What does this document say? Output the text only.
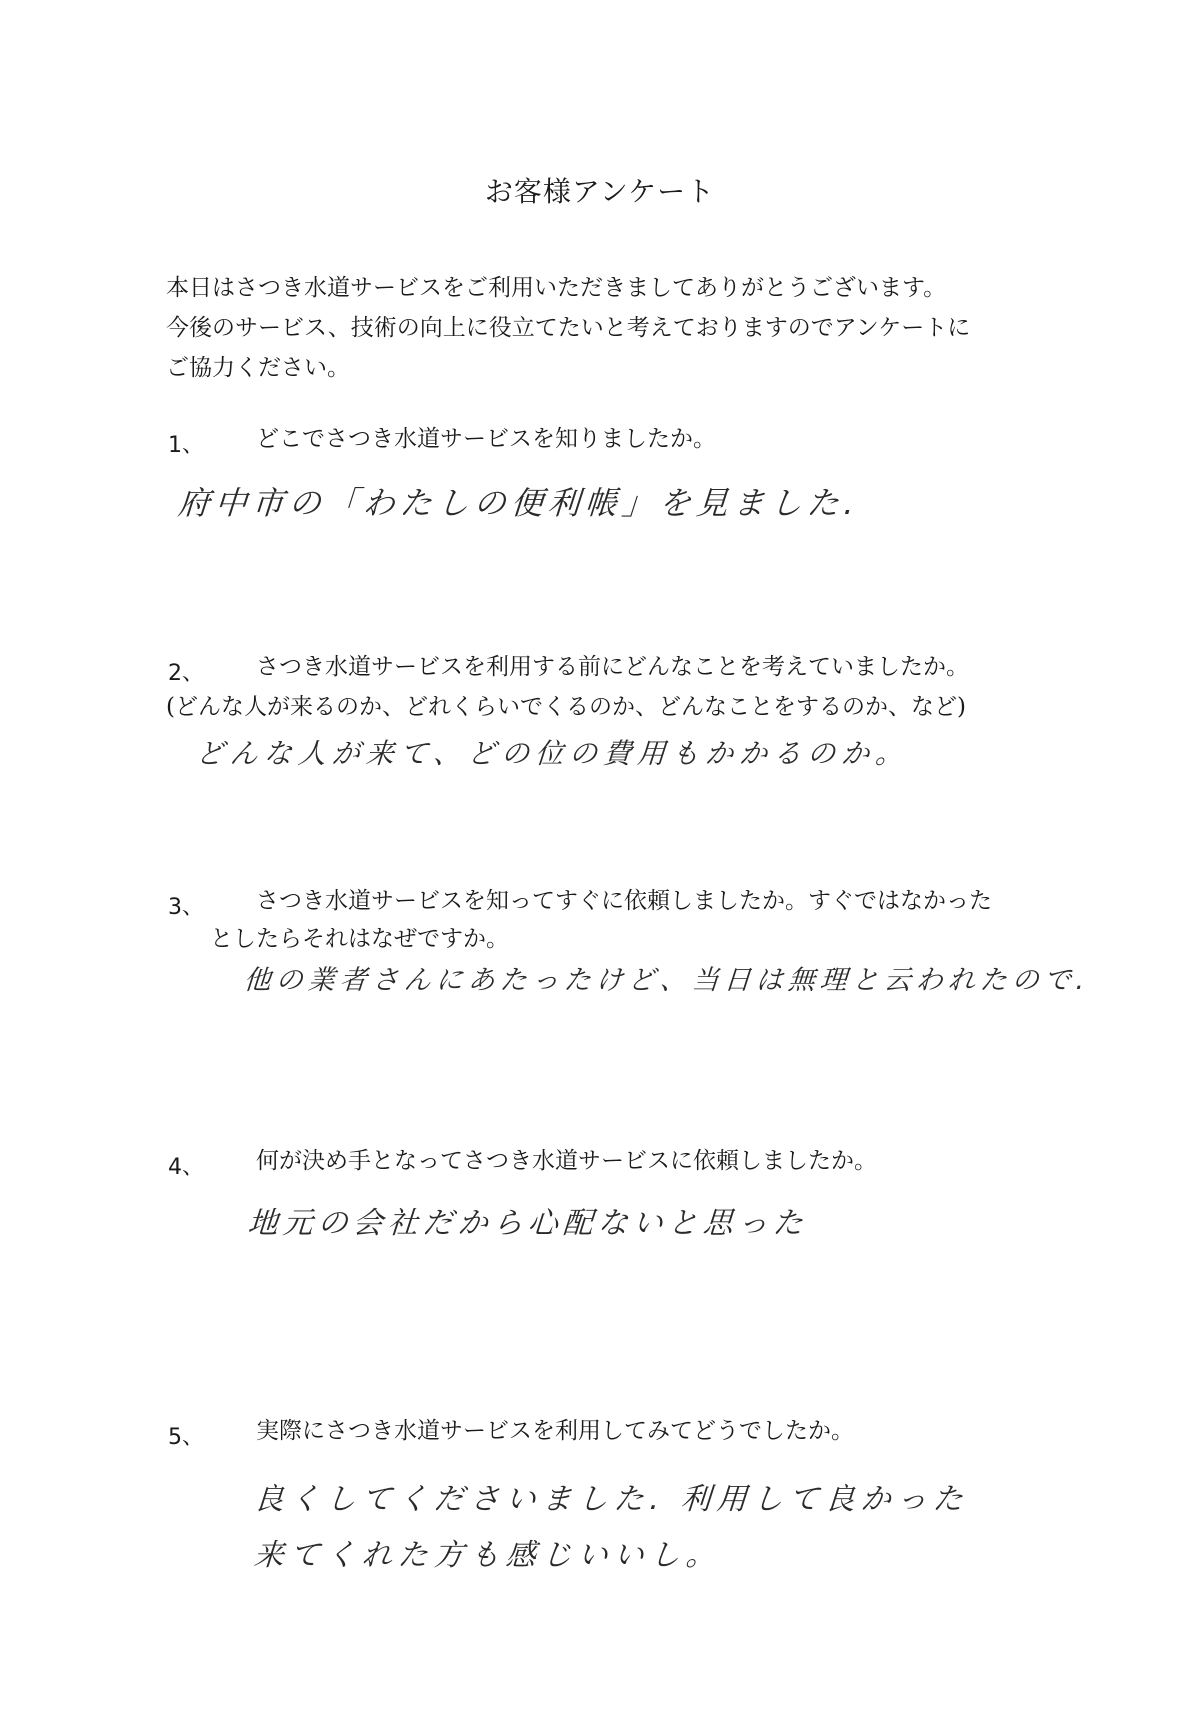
お客様アンケート
本日はさつき水道サービスをご利用いただきましてありがとうございます。
今後のサービス、技術の向上に役立てたいと考えておりますのでアンケートに
ご協力ください。
1、 どこでさつき水道サービスを知りましたか。
府中市の「わたしの便利帳」を見ました.
2、 さつき水道サービスを利用する前にどんなことを考えていましたか。
(どんな人が来るのか、どれくらいでくるのか、どんなことをするのか、など)
どんな人が来て、どの位の費用もかかるのか。
3、 さつき水道サービスを知ってすぐに依頼しましたか。すぐではなかった
としたらそれはなぜですか。
他の業者さんにあたったけど、当日は無理と云われたので.
4、 何が決め手となってさつき水道サービスに依頼しましたか。
地元の会社だから心配ないと思った
5、 実際にさつき水道サービスを利用してみてどうでしたか。
良くしてくださいました. 利用して良かった
来てくれた方も感じいいし。
